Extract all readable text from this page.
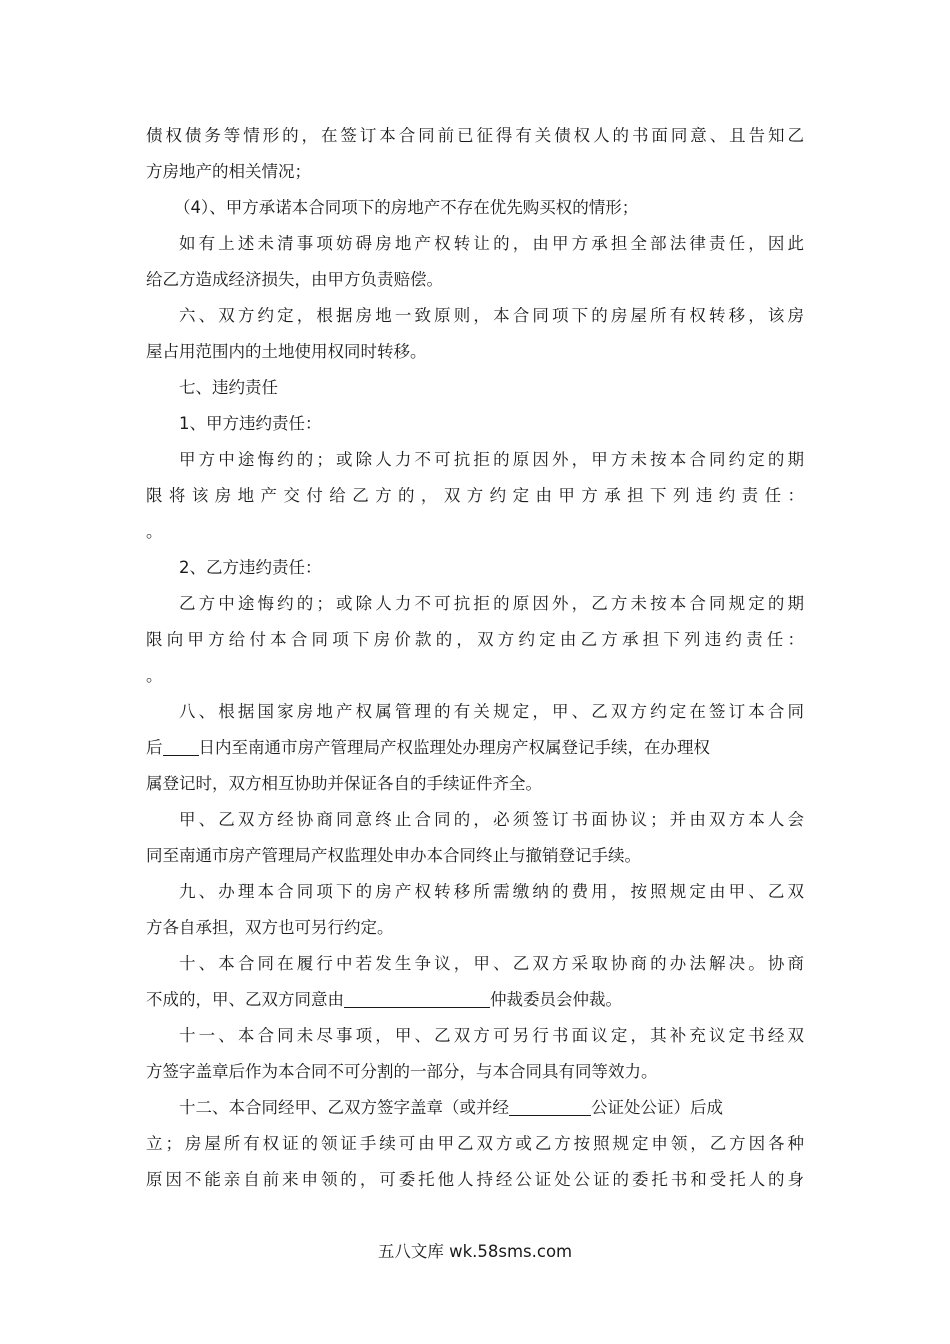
债权债务等情形的，在签订本合同前已征得有关债权人的书面同意、且告知乙
方房地产的相关情况；
（4）、甲方承诺本合同项下的房地产不存在优先购买权的情形；
如有上述未清事项妨碍房地产权转让的，由甲方承担全部法律责任，因此
给乙方造成经济损失，由甲方负责赔偿。
六、双方约定，根据房地一致原则，本合同项下的房屋所有权转移，该房
屋占用范围内的土地使用权同时转移。
七、违约责任
1、甲方违约责任：
甲方中途悔约的；或除人力不可抗拒的原因外，甲方未按本合同约定的期
限将该房地产交付给乙方的，双方约定由甲方承担下列违约责任：
。
2、乙方违约责任：
乙方中途悔约的；或除人力不可抗拒的原因外，乙方未按本合同规定的期
限向甲方给付本合同项下房价款的，双方约定由乙方承担下列违约责任：
。
八、根据国家房地产权属管理的有关规定，甲、乙双方约定在签订本合同
后 日内至南通市房产管理局产权监理处办理房产权属登记手续，在办理权
属登记时，双方相互协助并保证各自的手续证件齐全。
甲、乙双方经协商同意终止合同的，必须签订书面协议；并由双方本人会
同至南通市房产管理局产权监理处申办本合同终止与撤销登记手续。
九、办理本合同项下的房产权转移所需缴纳的费用，按照规定由甲、乙双
方各自承担，双方也可另行约定。
十、本合同在履行中若发生争议，甲、乙双方采取协商的办法解决。协商
不成的，甲、乙双方同意由	仲裁委员会仲裁。
十一、本合同未尽事项，甲、乙双方可另行书面议定，其补充议定书经双
方签字盖章后作为本合同不可分割的一部分，与本合同具有同等效力。
十二、本合同经甲、乙双方签字盖章（或并经	公证处公证）后成
立；房屋所有权证的领证手续可由甲乙双方或乙方按照规定申领，乙方因各种
原因不能亲自前来申领的，可委托他人持经公证处公证的委托书和受托人的身
五八文库 wk.58sms.com
